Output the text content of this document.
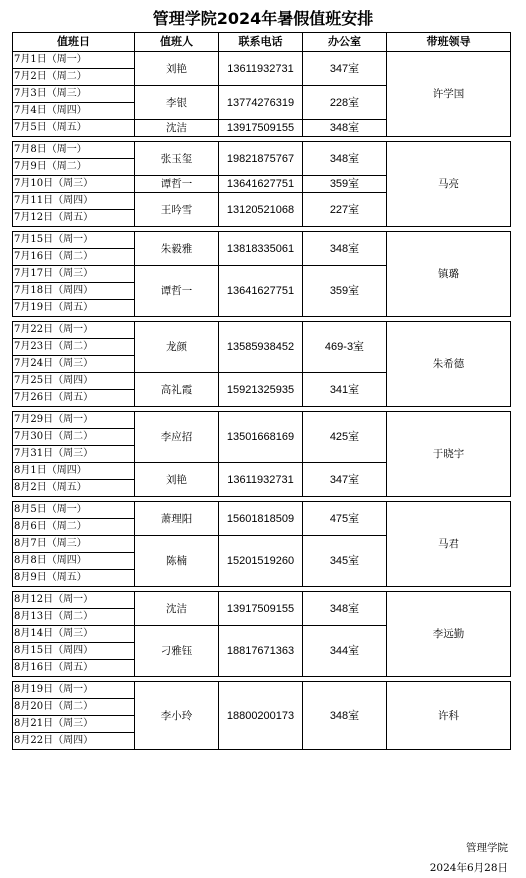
管理学院2024年暑假值班安排
值班日	值班人	联系电话	办公室	带班领导
7月1日（周一）	刘艳	13611932731	347室	许学国
7月2日（周二）				
7月3日（周三）	李银	13774276319	228室	
7月4日（周四）				
7月5日（周五）	沈洁	13917509155	348室	

7月8日（周一）	张玉玺	19821875767	348室	马亮
7月9日（周二）				
7月10日（周三）	谭哲一	13641627751	359室	
7月11日（周四）	王吟雪	13120521068	227室	
7月12日（周五）				

7月15日（周一）	朱毅雅	13818335061	348室	镇璐
7月16日（周二）				
7月17日（周三）	谭哲一	13641627751	359室	
7月18日（周四）				
7月19日（周五）				

7月22日（周一）	龙颜	13585938452	469-3室	朱希德
7月23日（周二）				
7月24日（周三）				
7月25日（周四）	高礼霞	15921325935	341室	
7月26日（周五）				

7月29日（周一）	李应招	13501668169	425室	于晓宇
7月30日（周二）				
7月31日（周三）				
8月1日（周四）	刘艳	13611932731	347室	
8月2日（周五）				

8月5日（周一）	萧理阳	15601818509	475室	马君
8月6日（周二）				
8月7日（周三）	陈楠	15201519260	345室	
8月8日（周四）				
8月9日（周五）				

8月12日（周一）	沈洁	13917509155	348室	李远勤
8月13日（周二）				
8月14日（周三）	刁雅钰	18817671363	344室	
8月15日（周四）				
8月16日（周五）				

8月19日（周一）	李小玲	18800200173	348室	许科
8月20日（周二）				
8月21日（周三）				
8月22日（周四）				
管理学院
2024年6月28日
